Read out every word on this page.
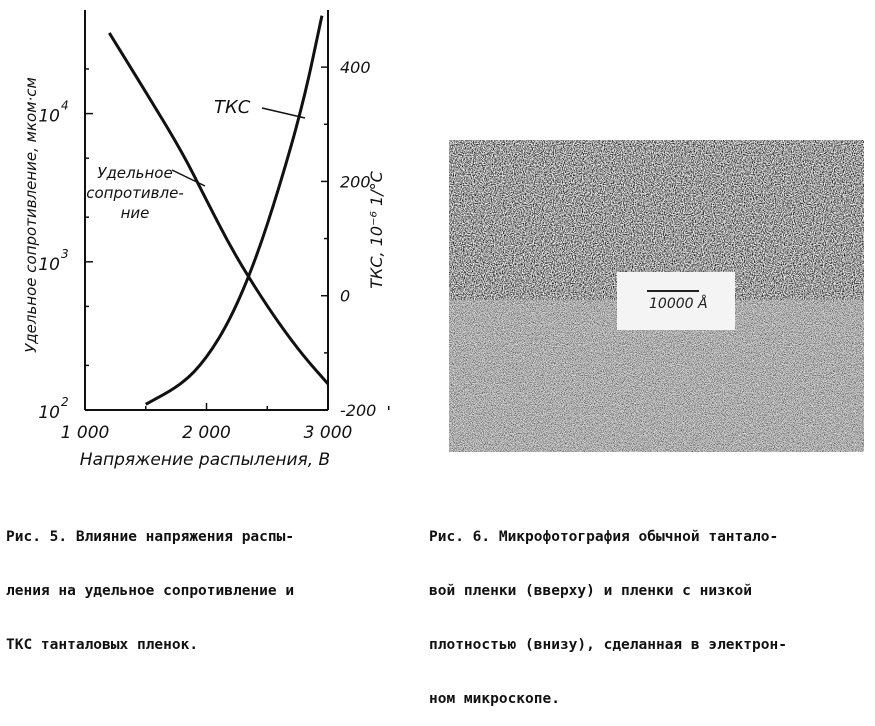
1 000	2 000	3 000
Напряжение распыления, В
10
2
10
3
10
4
Удельное сопротивление, мком·см
-200
0
200
400
ТКС, 10⁻⁶ 1/°С
Удельное
сопротивле-
ние
ТКС

Рис. 5. Влияние напряжения распы-

ления на удельное сопротивление и

ТКС танталовых пленок.

10000 Å

Рис. 6. Микрофотография обычной танталo-

вой пленки (вверху) и пленки с низкой

плотностью (внизу), сделанная в электрон-

ном микроскопе.
